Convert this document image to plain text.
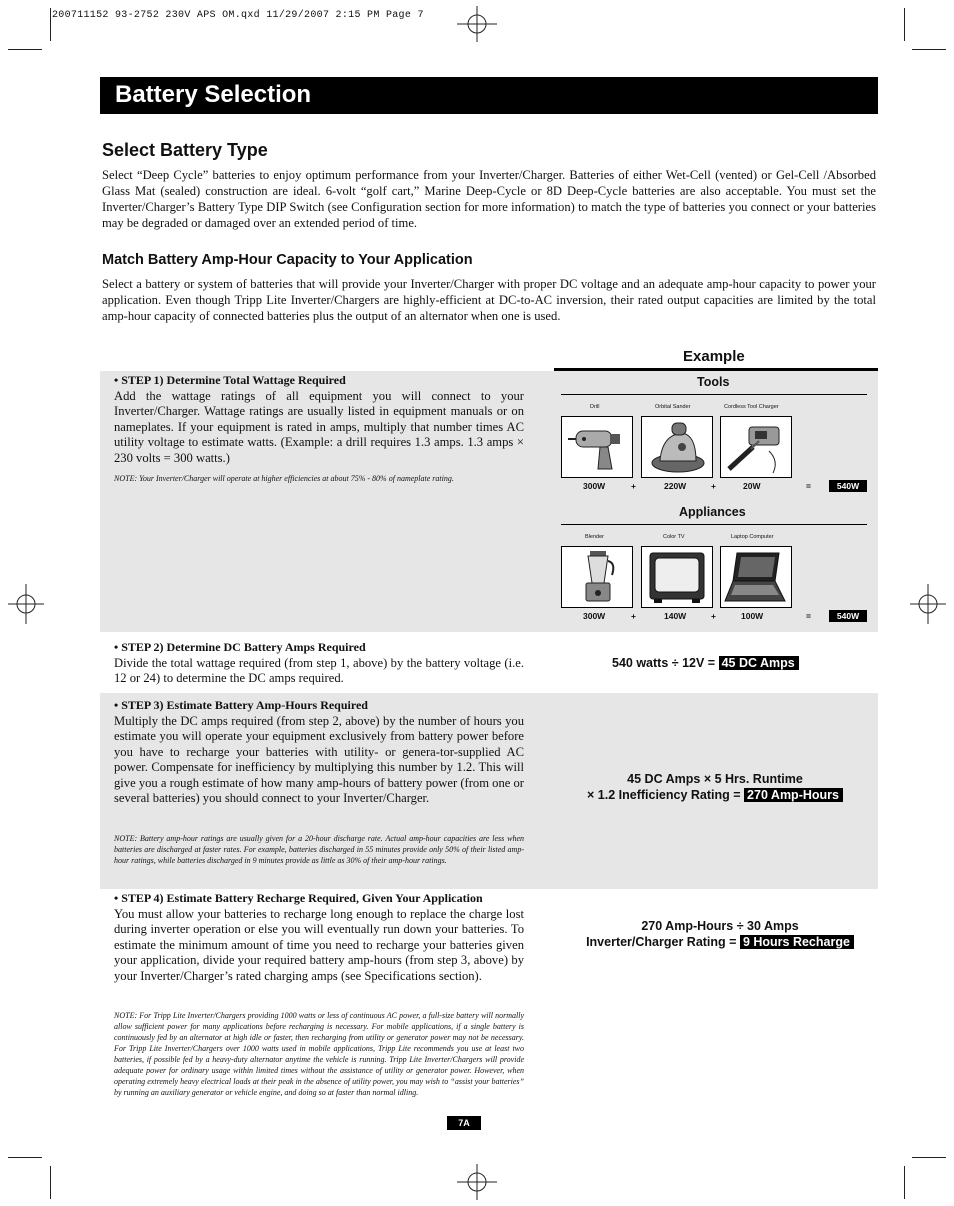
200711152 93-2752 230V APS OM.qxd 11/29/2007 2:15 PM Page 7
Battery Selection
Select Battery Type

Select “Deep Cycle” batteries to enjoy optimum performance from your Inverter/Charger. Batteries of either Wet-Cell (vented) or Gel-Cell /Absorbed Glass Mat (sealed) construction are ideal. 6-volt “golf cart,” Marine Deep-Cycle or 8D Deep-Cycle batteries are also acceptable. You must set the Inverter/Charger’s Battery Type DIP Switch (see Configuration section for more information) to match the type of batteries you connect or your batteries may be degraded or damaged over an extended period of time.

Match Battery Amp-Hour Capacity to Your Application

Select a battery or system of batteries that will provide your Inverter/Charger with proper DC voltage and an adequate amp-hour capacity to power your application. Even though Tripp Lite Inverter/Chargers are highly-efficient at DC-to-AC inversion, their rated output capacities are limited by the total amp-hour capacity of connected batteries plus the output of an alternator when one is used.

Example

• STEP 1) Determine Total Wattage Required
Add the wattage ratings of all equipment you will connect to your Inverter/Charger. Wattage ratings are usually listed in equipment manuals or on nameplates. If your equipment is rated in amps, multiply that number times AC utility voltage to estimate watts. (Example: a drill requires 1.3 amps. 1.3 amps × 230 volts = 300 watts.)

NOTE: Your Inverter/Charger will operate at higher efficiencies at about 75% - 80% of nameplate rating.

Tools
Drill	Orbital Sander	Cordless Tool Charger
300W	+	220W	+	20W	=	540W
Appliances
Blender	Color TV	Laptop Computer
300W	+	140W	+	100W	=	540W

• STEP 2) Determine DC Battery Amps Required
Divide the total wattage required (from step 1, above) by the battery voltage (i.e. 12 or 24) to determine the DC amps required.

540 watts ÷ 12V = 45 DC Amps

• STEP 3) Estimate Battery Amp-Hours Required
Multiply the DC amps required (from step 2, above) by the number of hours you estimate you will operate your equipment exclusively from battery power before you have to recharge your batteries with utility- or genera-tor-supplied AC power. Compensate for inefficiency by multiplying this number by 1.2. This will give you a rough estimate of how many amp-hours of battery power (from one or several batteries) you should connect to your Inverter/Charger.

NOTE: Battery amp-hour ratings are usually given for a 20-hour discharge rate. Actual amp-hour capacities are less when batteries are discharged at faster rates. For example, batteries discharged in 55 minutes provide only 50% of their listed amp-hour ratings, while batteries discharged in 9 minutes provide as little as 30% of their amp-hour ratings.

45 DC Amps × 5 Hrs. Runtime
× 1.2 Inefficiency Rating = 270 Amp-Hours

• STEP 4) Estimate Battery Recharge Required, Given Your Application
You must allow your batteries to recharge long enough to replace the charge lost during inverter operation or else you will eventually run down your batteries. To estimate the minimum amount of time you need to recharge your batteries given your application, divide your required battery amp-hours (from step 3, above) by your Inverter/Charger’s rated charging amps (see Specifications section).

NOTE: For Tripp Lite Inverter/Chargers providing 1000 watts or less of continuous AC power, a full-size battery will normally allow sufficient power for many applications before recharging is necessary. For mobile applications, if a single battery is continuously fed by an alternator at high idle or faster, then recharging from utility or generator power may not be necessary. For Tripp Lite Inverter/Chargers over 1000 watts used in mobile applications, Tripp Lite recommends you use at least two batteries, if possible fed by a heavy-duty alternator anytime the vehicle is running. Tripp Lite Inverter/Chargers will provide adequate power for ordinary usage within limited times without the assistance of utility or generator power. However, when operating extremely heavy electrical loads at their peak in the absence of utility power, you may wish to “assist your batteries” by running an auxiliary generator or vehicle engine, and doing so at faster than normal idling.

270 Amp-Hours ÷ 30 Amps
Inverter/Charger Rating = 9 Hours Recharge
7A
